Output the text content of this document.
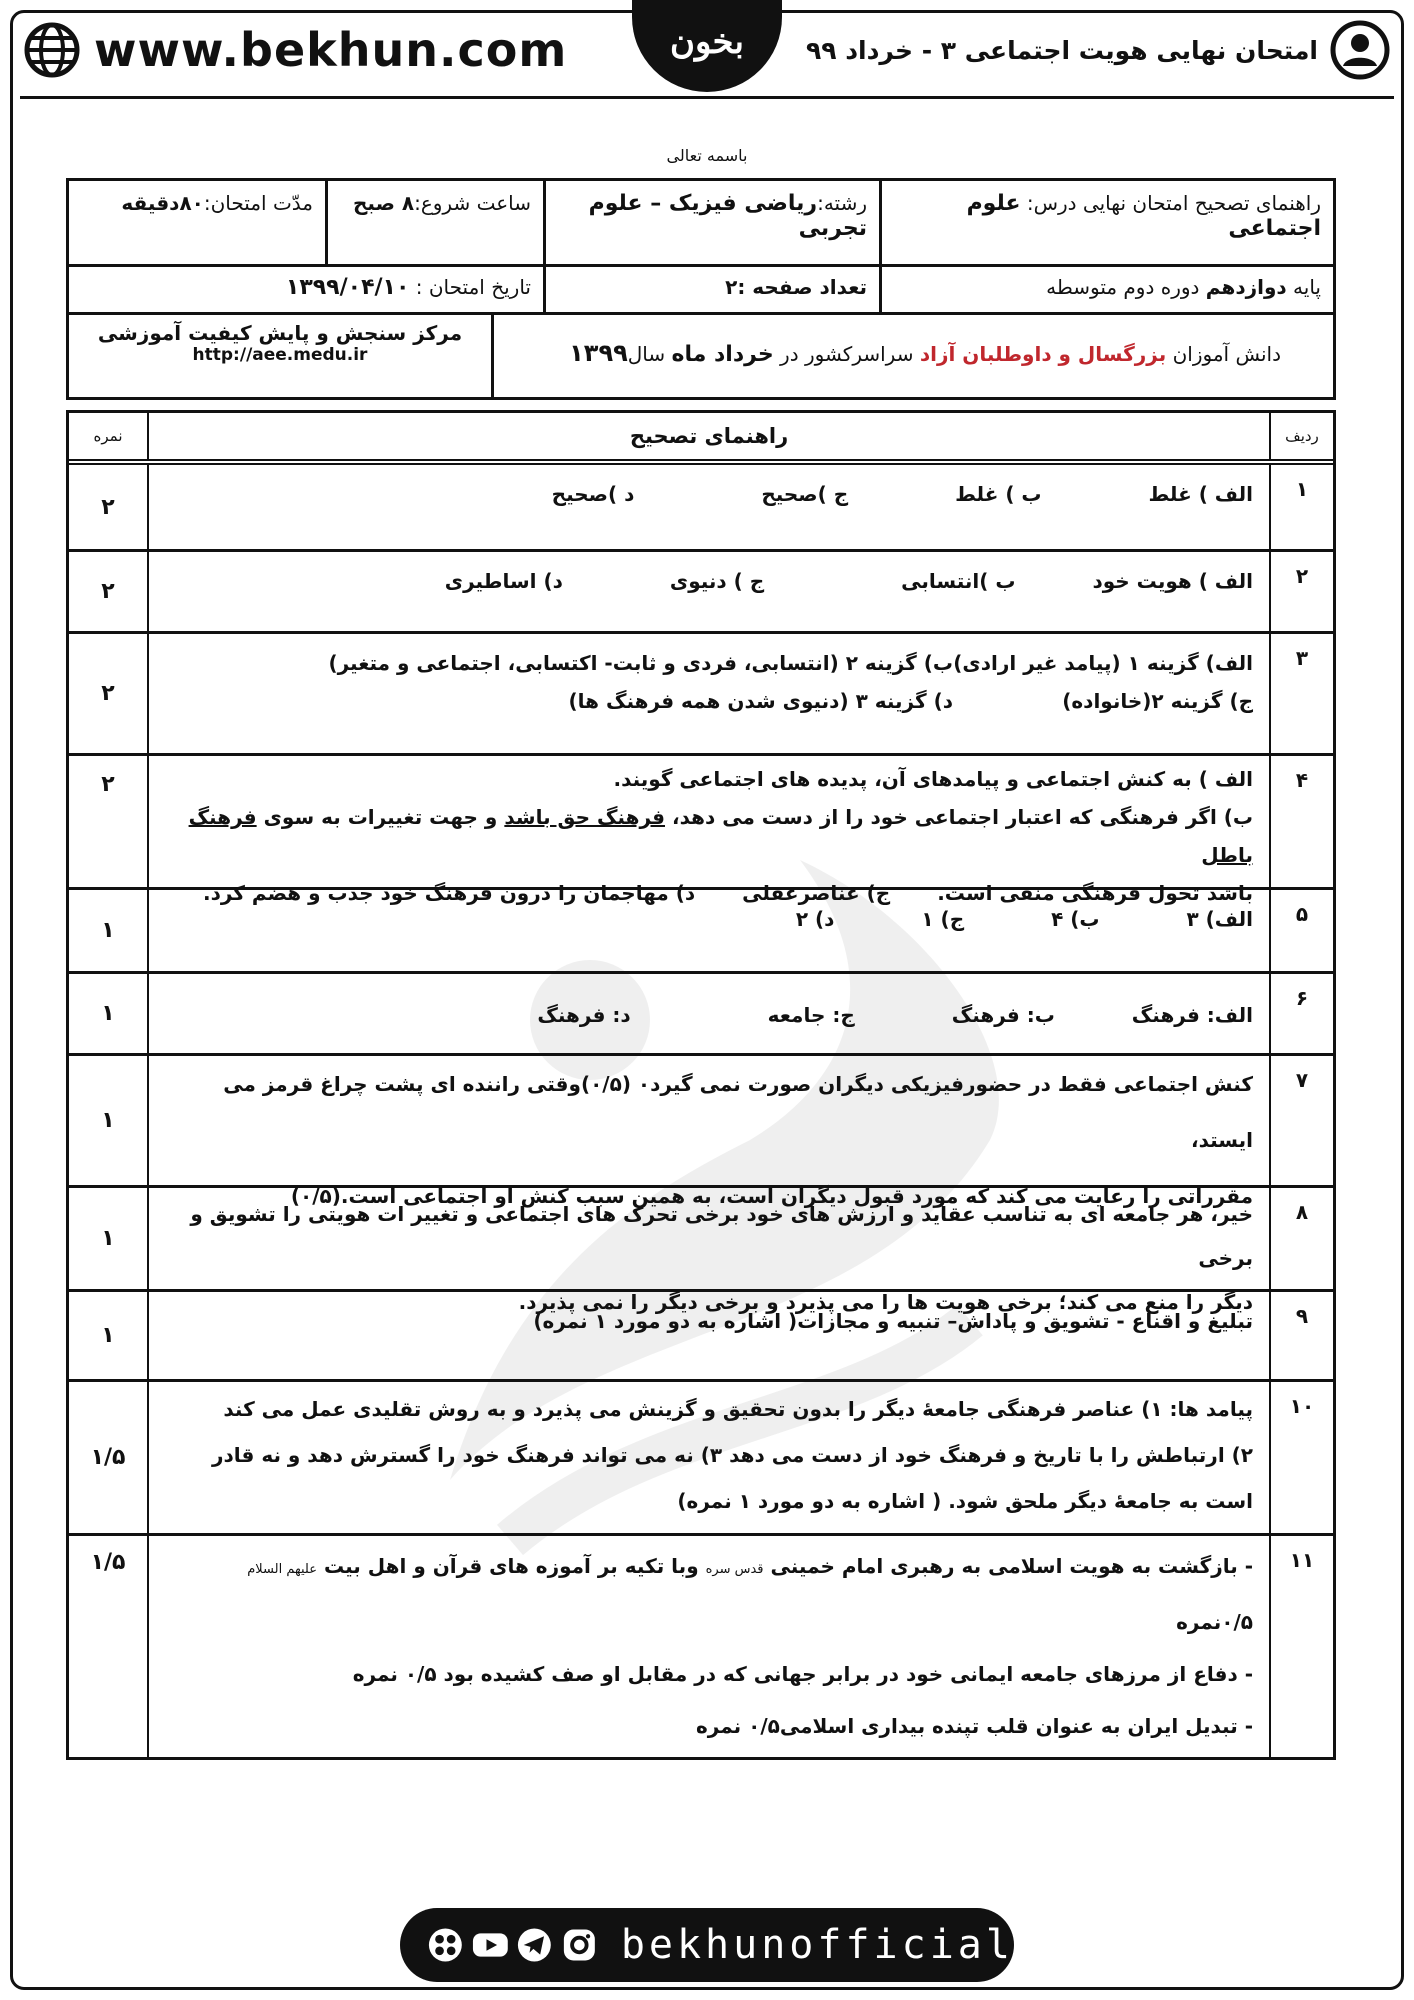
www.bekhun.com	بخون	امتحان نهایی هویت اجتماعی ۳ - خرداد ۹۹
باسمه تعالی
راهنمای تصحیح امتحان نهایی درس: علوم اجتماعی
رشته:ریاضی فیزیک – علوم تجربی
ساعت شروع:۸ صبح
مدّت امتحان:۸۰دقیقه
پایه دوازدهم دوره دوم متوسطه
تعداد صفحه :۲
تاریخ امتحان : ۱۳۹۹/۰۴/۱۰
دانش آموزان بزرگسال و داوطلبان آزاد سراسرکشور در خرداد ماه سال۱۳۹۹
مرکز سنجش و پایش کیفیت آموزشی
http://aee.medu.ir
ردیف
راهنمای تصحیح
نمره
۱
الف ) غلط ب ) غلط ج )صحیح د )صحیح
۲
۲
الف ) هویت خود ب )انتسابی ج ) دنیوی د) اساطیری
۲
۳
الف) گزینه ۱ (پیامد غیر ارادی)ب) گزینه ۲ (انتسابی، فردی و ثابت- اکتسابی، اجتماعی و متغیر)
ج) گزینه ۲(خانواده)د) گزینه ۳ (دنیوی شدن همه فرهنگ ها)
۲
۴
الف ) به کنش اجتماعی و پیامدهای آن، پدیده های اجتماعی گویند.
ب) اگر فرهنگی که اعتبار اجتماعی خود را از دست می دهد، فرهنگ حق باشد و جهت تغییرات به سوی فرهنگ باطل
باشد تحول فرهنگی منفی است. ج) عناصرعقلی د) مهاجمان را درون فرهنگ خود جذب و هضم کرد.
۲
۵
الف) ۳ ب) ۴ ج) ۱ د) ۲
۱
۶
الف: فرهنگ ب: فرهنگ ج: جامعه د: فرهنگ
۱
۷
کنش اجتماعی فقط در حضورفیزیکی دیگران صورت نمی گیرد۰ (۰/۵)وقتی راننده ای پشت چراغ قرمز می ایستد،
مقرراتی را رعایت می کند که مورد قبول دیگران است، به همین سبب کنش او اجتماعی است.(۰/۵)
۱
۸
خیر، هر جامعه ای به تناسب عقاید و ارزش های خود برخی تحرک های اجتماعی و تغییر ات هویتی را تشویق و برخی
دیگر را منع می کند؛ برخی هویت ها را می پذیرد و برخی دیگر را نمی پذیرد.
۱
۹
تبلیغ و اقناع - تشویق و پاداش– تنبیه و مجازات( اشاره به دو مورد ۱ نمره)
۱
۱۰
پیامد ها: ۱) عناصر فرهنگی جامعهٔ دیگر را بدون تحقیق و گزینش می پذیرد و به روش تقلیدی عمل می کند
۲) ارتباطش را با تاریخ و فرهنگ خود از دست می دهد ۳) نه می تواند فرهنگ خود را گسترش دهد و نه قادر
است به جامعهٔ دیگر ملحق شود. ( اشاره به دو مورد ۱ نمره)
۱/۵
۱۱
- بازگشت به هویت اسلامی به رهبری امام خمینی قدس سره وبا تکیه بر آموزه های قرآن و اهل بیت علیهم السلام ۰/۵نمره
- دفاع از مرزهای جامعه ایمانی خود در برابر جهانی که در مقابل او صف کشیده بود ۰/۵ نمره
- تبدیل ایران به عنوان قلب تپنده بیداری اسلامی۰/۵ نمره
۱/۵
bekhunofficial
